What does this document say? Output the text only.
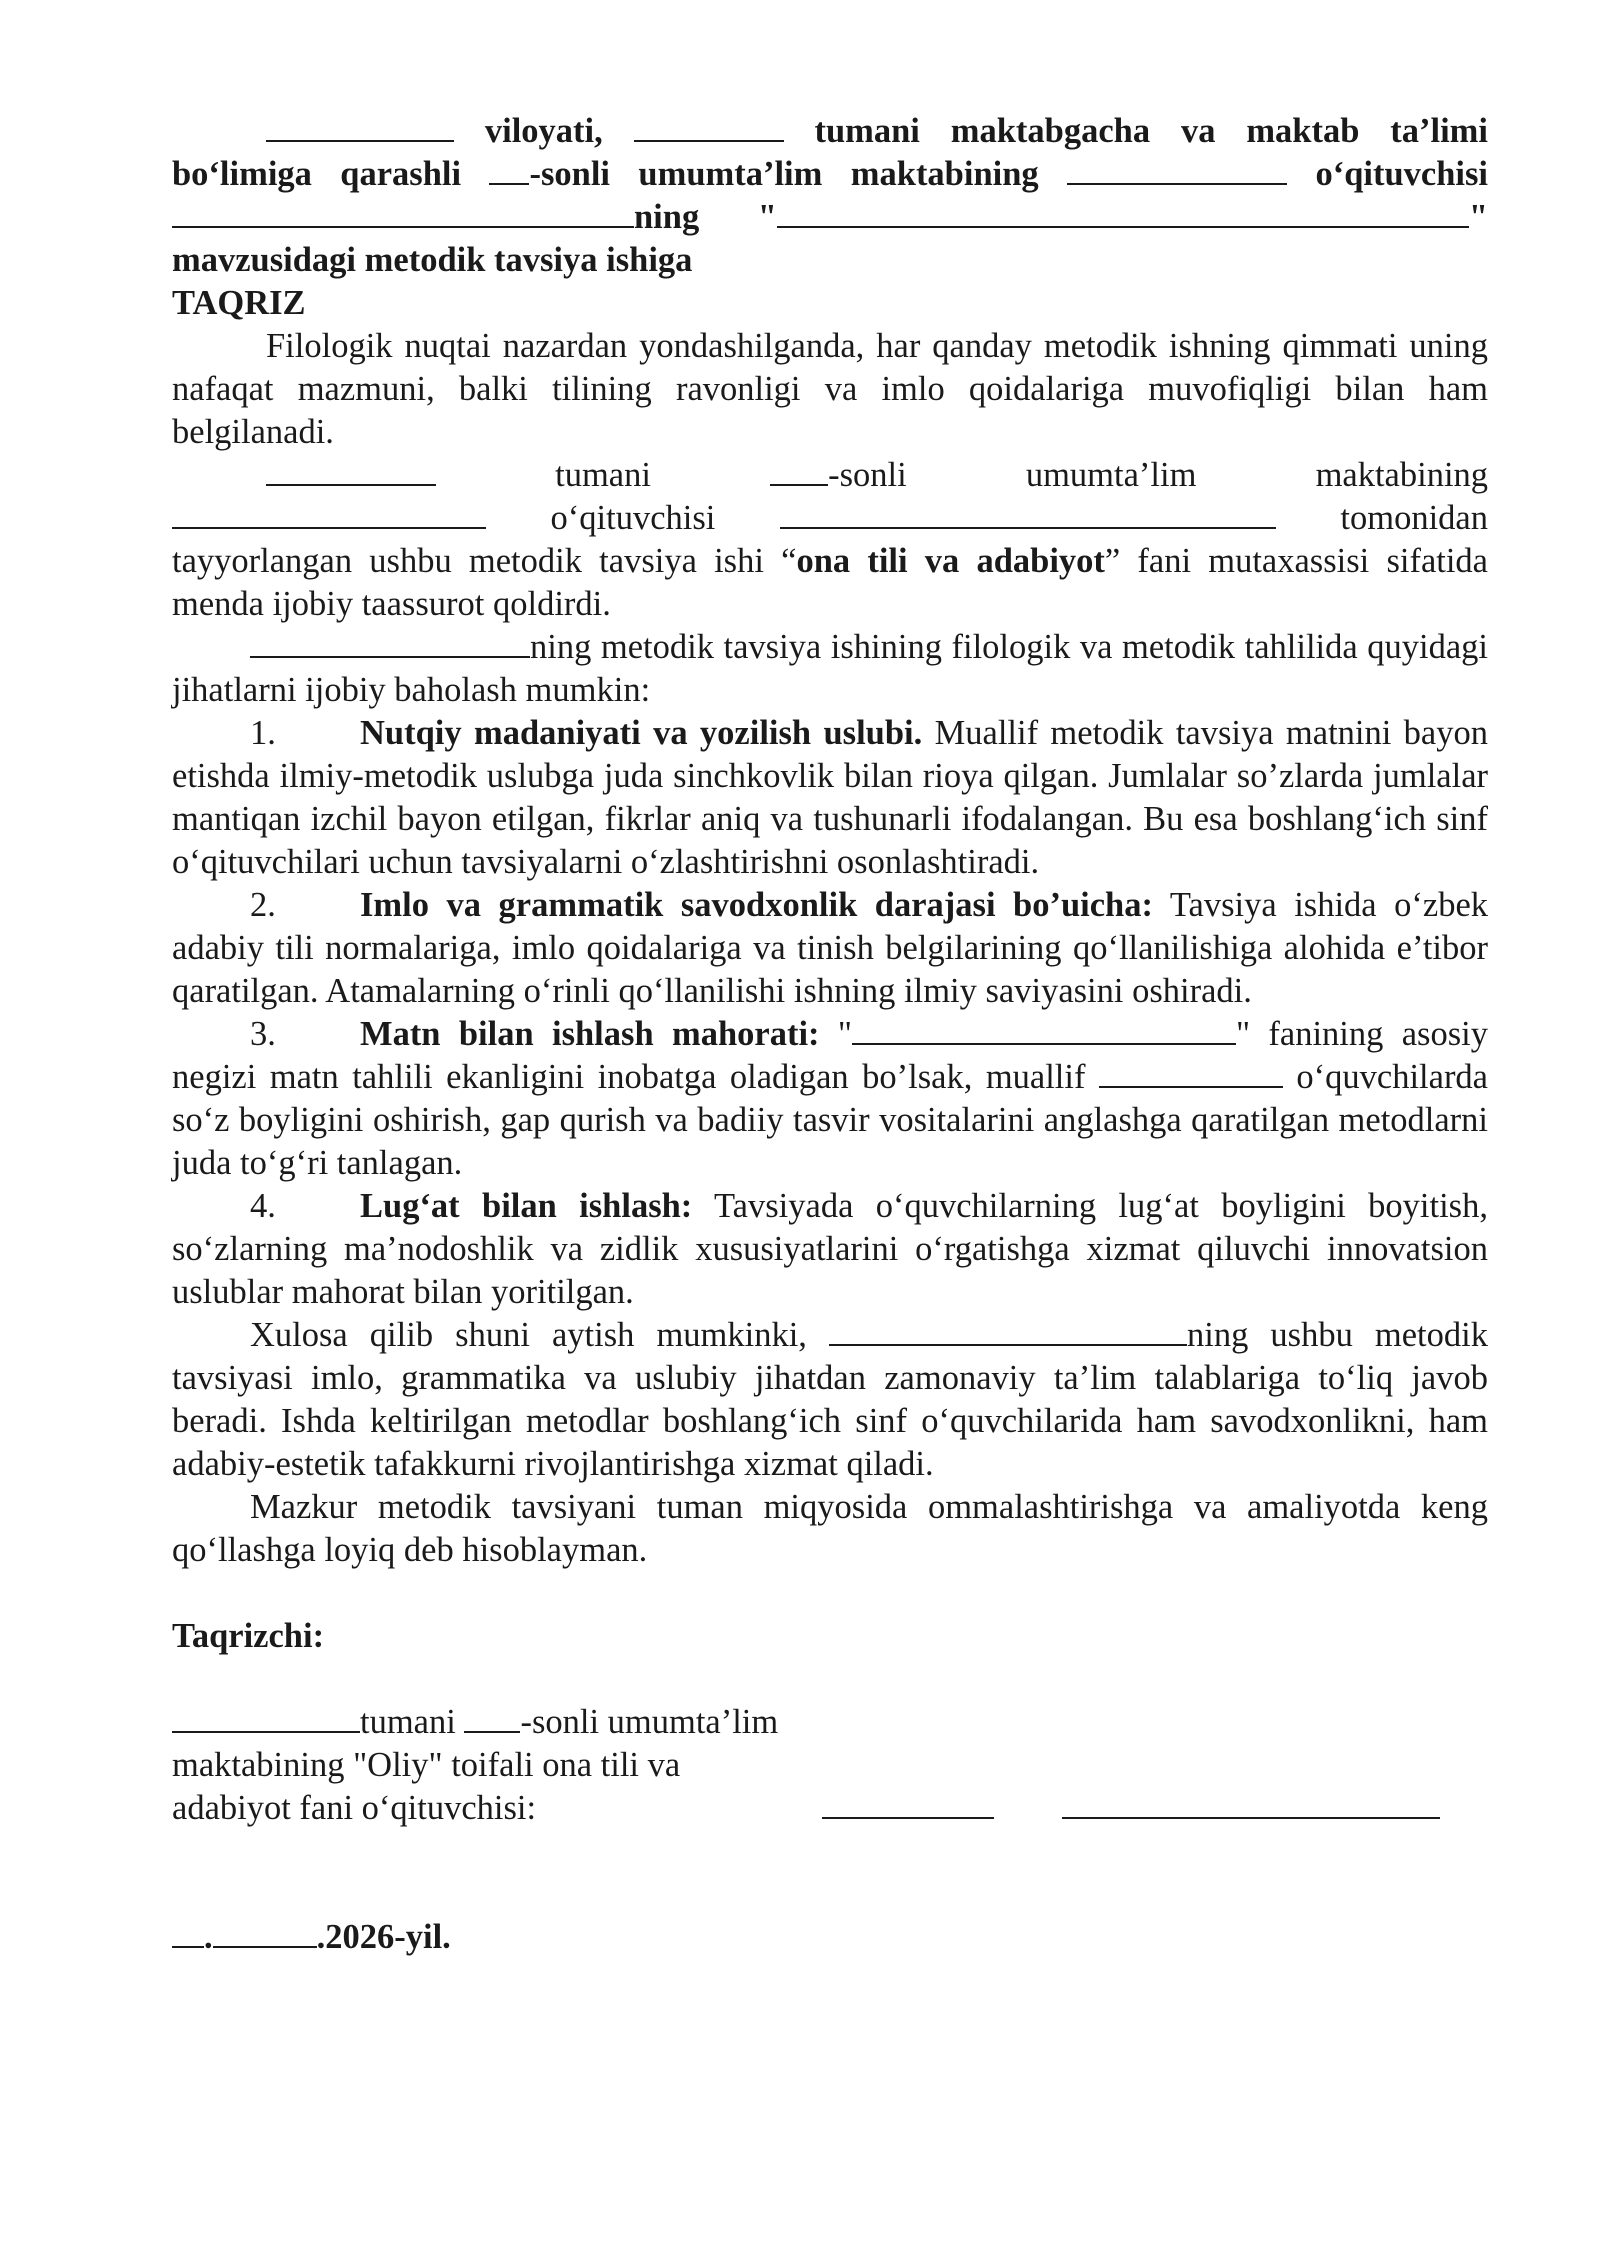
viloyati,	tumani maktabgacha va maktab ta’limi

bo‘limiga qarashli -sonli umumta’lim maktabining	o‘qituvchisi

ning "	"

mavzusidagi metodik tavsiya ishiga

TAQRIZ

Filologik nuqtai nazardan yondashilganda, har qanday metodik ishning qimmati uning nafaqat mazmuni, balki tilining ravonligi va imlo qoidalariga muvofiqligi bilan ham belgilanadi.

tumani	-sonli	umumta’lim	maktabining

o‘qituvchisi	tomonidan

tayyorlangan ushbu metodik tavsiya ishi “ona tili va adabiyot” fani mutaxassisi sifatida menda ijobiy taassurot qoldirdi.

ning metodik tavsiya ishining filologik va metodik tahlilida quyidagi jihatlarni ijobiy baholash mumkin:

1. Nutqiy madaniyati va yozilish uslubi. Muallif metodik tavsiya matnini bayon etishda ilmiy-metodik uslubga juda sinchkovlik bilan rioya qilgan. Jumlalar so’zlarda jumlalar mantiqan izchil bayon etilgan, fikrlar aniq va tushunarli ifodalangan. Bu esa boshlang‘ich sinf o‘qituvchilari uchun tavsiyalarni o‘zlashtirishni osonlashtiradi.

2. Imlo va grammatik savodxonlik darajasi bo’uicha: Tavsiya ishida o‘zbek adabiy tili normalariga, imlo qoidalariga va tinish belgilarining qo‘llanilishiga alohida e’tibor qaratilgan. Atamalarning o‘rinli qo‘llanilishi ishning ilmiy saviyasini oshiradi.

3. Matn bilan ishlash mahorati: "	" fanining asosiy negizi matn tahlili ekanligini inobatga oladigan bo’lsak, muallif	o‘quvchilarda so‘z boyligini oshirish, gap qurish va badiiy tasvir vositalarini anglashga qaratilgan metodlarni juda to‘g‘ri tanlagan.

4. Lug‘at bilan ishlash: Tavsiyada o‘quvchilarning lug‘at boyligini boyitish, so‘zlarning ma’nodoshlik va zidlik xususiyatlarini o‘rgatishga xizmat qiluvchi innovatsion uslublar mahorat bilan yoritilgan.

Xulosa qilib shuni aytish mumkinki,	ning ushbu metodik tavsiyasi imlo, grammatika va uslubiy jihatdan zamonaviy ta’lim talablariga to‘liq javob beradi. Ishda keltirilgan metodlar boshlang‘ich sinf o‘quvchilarida ham savodxonlikni, ham adabiy-estetik tafakkurni rivojlantirishga xizmat qiladi.

Mazkur metodik tavsiyani tuman miqyosida ommalashtirishga va amaliyotda keng qo‘llashga loyiq deb hisoblayman.

Taqrizchi:

tumani -sonli umumta’lim

maktabining "Oliy" toifali ona tili va
adabiyot fani o‘qituvchisi:

.	.2026-yil.
